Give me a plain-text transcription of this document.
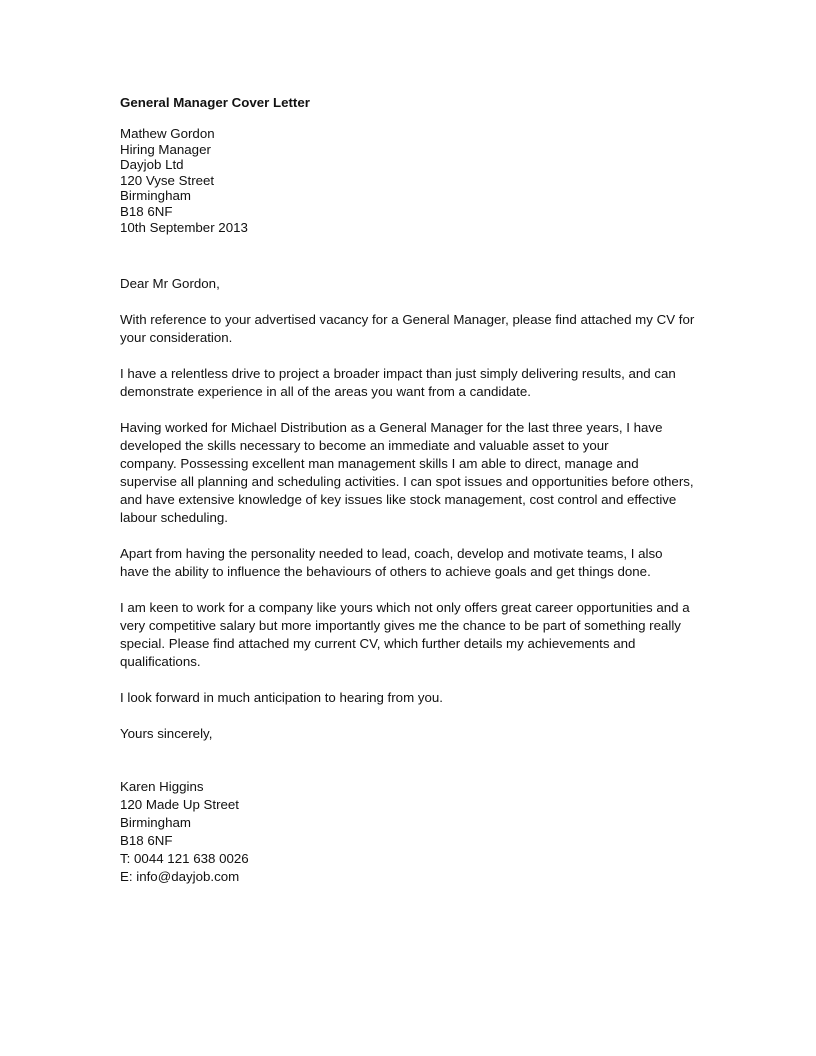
General Manager Cover Letter
Mathew Gordon
Hiring Manager
Dayjob Ltd
120 Vyse Street
Birmingham
B18 6NF
10th September 2013
Dear Mr Gordon,

With reference to your advertised vacancy for a General Manager, please find attached my CV for
your consideration.

I have a relentless drive to project a broader impact than just simply delivering results, and can
demonstrate experience in all of the areas you want from a candidate.

Having worked for Michael Distribution as a General Manager for the last three years, I have
developed the skills necessary to become an immediate and valuable asset to your
company. Possessing excellent man management skills I am able to direct, manage and
supervise all planning and scheduling activities. I can spot issues and opportunities before others,
and have extensive knowledge of key issues like stock management, cost control and effective
labour scheduling.

Apart from having the personality needed to lead, coach, develop and motivate teams, I also
have the ability to influence the behaviours of others to achieve goals and get things done.

I am keen to work for a company like yours which not only offers great career opportunities and a
very competitive salary but more importantly gives me the chance to be part of something really
special. Please find attached my current CV, which further details my achievements and
qualifications.

I look forward in much anticipation to hearing from you.

Yours sincerely,
Karen Higgins
120 Made Up Street
Birmingham
B18 6NF
T: 0044 121 638 0026
E: info@dayjob.com
